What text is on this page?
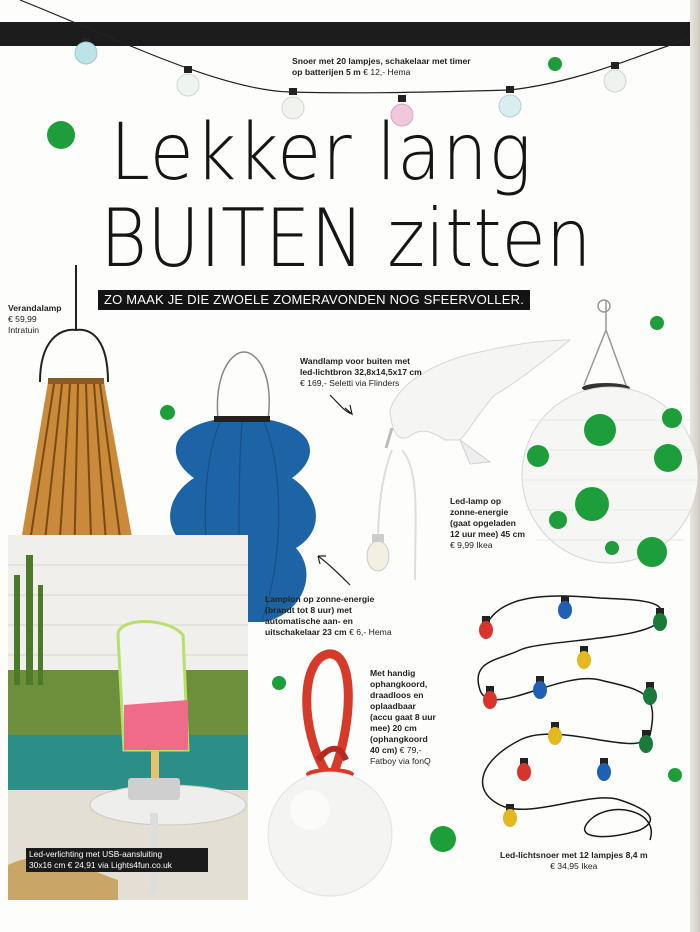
Lekker lang
BUITEN zitten
ZO MAAK JE DIE ZWOELE ZOMERAVONDEN NOG SFEERVOLLER.
Snoer met 20 lampjes, schakelaar met timer
op batterijen 5 m € 12,- Hema
Verandalamp
€ 59,99
Intratuin
Wandlamp voor buiten met
led-lichtbron 32,8x14,5x17 cm
€ 169,- Seletti via Flinders
Led-lamp op
zonne-energie
(gaat opgeladen
12 uur mee) 45 cm
€ 9,99 Ikea
Lampion op zonne-energie
(brandt tot 8 uur) met
automatische aan- en
uitschakelaar 23 cm € 6,- Hema
Met handig
ophangkoord,
draadloos en
oplaadbaar
(accu gaat 8 uur
mee) 20 cm
(ophangkoord
40 cm) € 79,-
Fatboy via fonQ
Led-lichtsnoer met 12 lampjes 8,4 m
€ 34,95 Ikea
Led-verlichting met USB-aansluiting
30x16 cm € 24,91 via Lights4fun.co.uk
